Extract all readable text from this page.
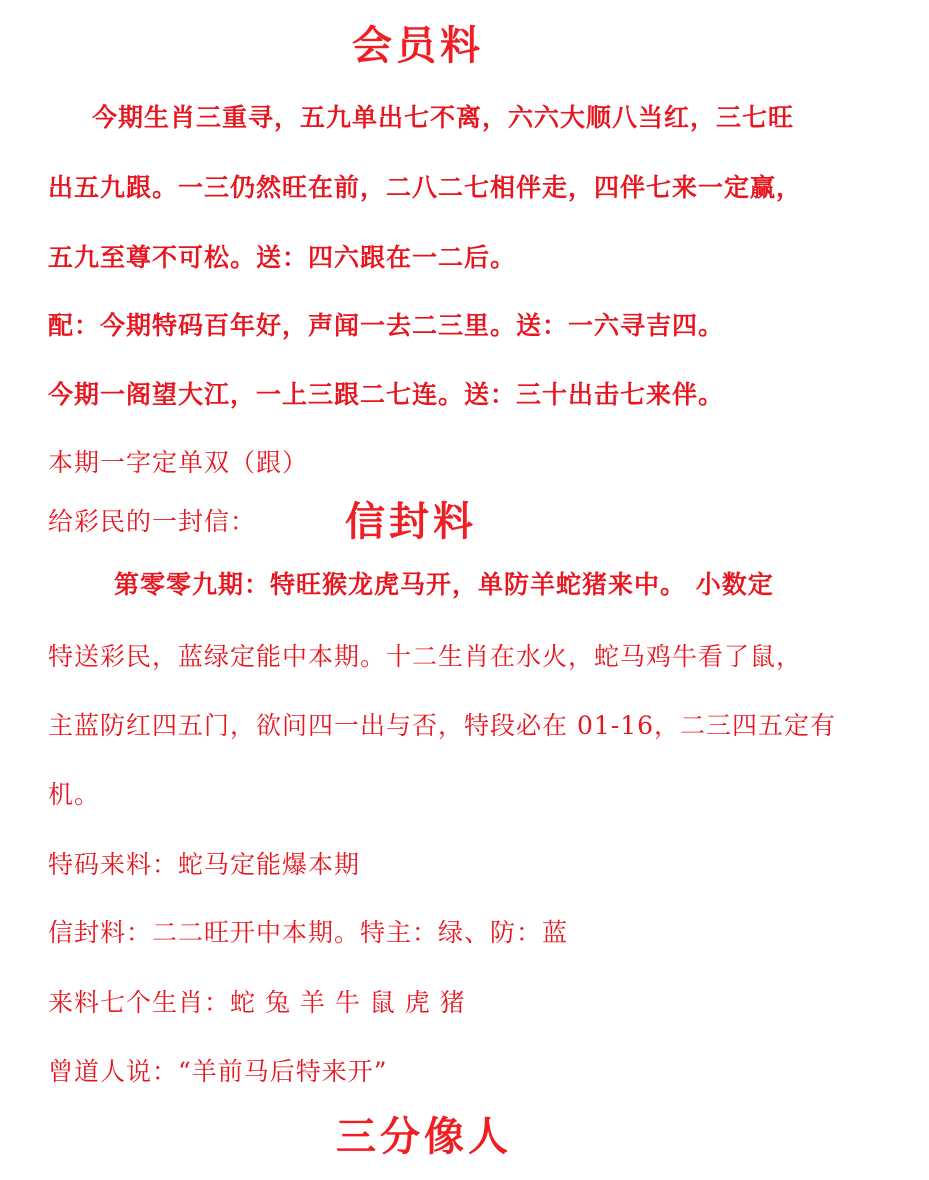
会员料
今期生肖三重寻，五九单出七不离，六六大顺八当红，三七旺
出五九跟。一三仍然旺在前，二八二七相伴走，四伴七来一定赢，
五九至尊不可松。送：四六跟在一二后。
配：今期特码百年好，声闻一去二三里。送：一六寻吉四。
今期一阁望大江，一上三跟二七连。送：三十出击七来伴。
本期一字定单双（跟）
给彩民的一封信： 信封料
第零零九期：特旺猴龙虎马开，单防羊蛇猪来中。 小数定
特送彩民，蓝绿定能中本期。十二生肖在水火，蛇马鸡牛看了鼠，
主蓝防红四五门，欲问四一出与否，特段必在 01-16，二三四五定有
机。
特码来料：蛇马定能爆本期
信封料：二二旺开中本期。特主：绿、防：蓝
来料七个生肖：蛇 兔 羊 牛 鼠 虎 猪
曾道人说：“羊前马后特来开”
三分像人
